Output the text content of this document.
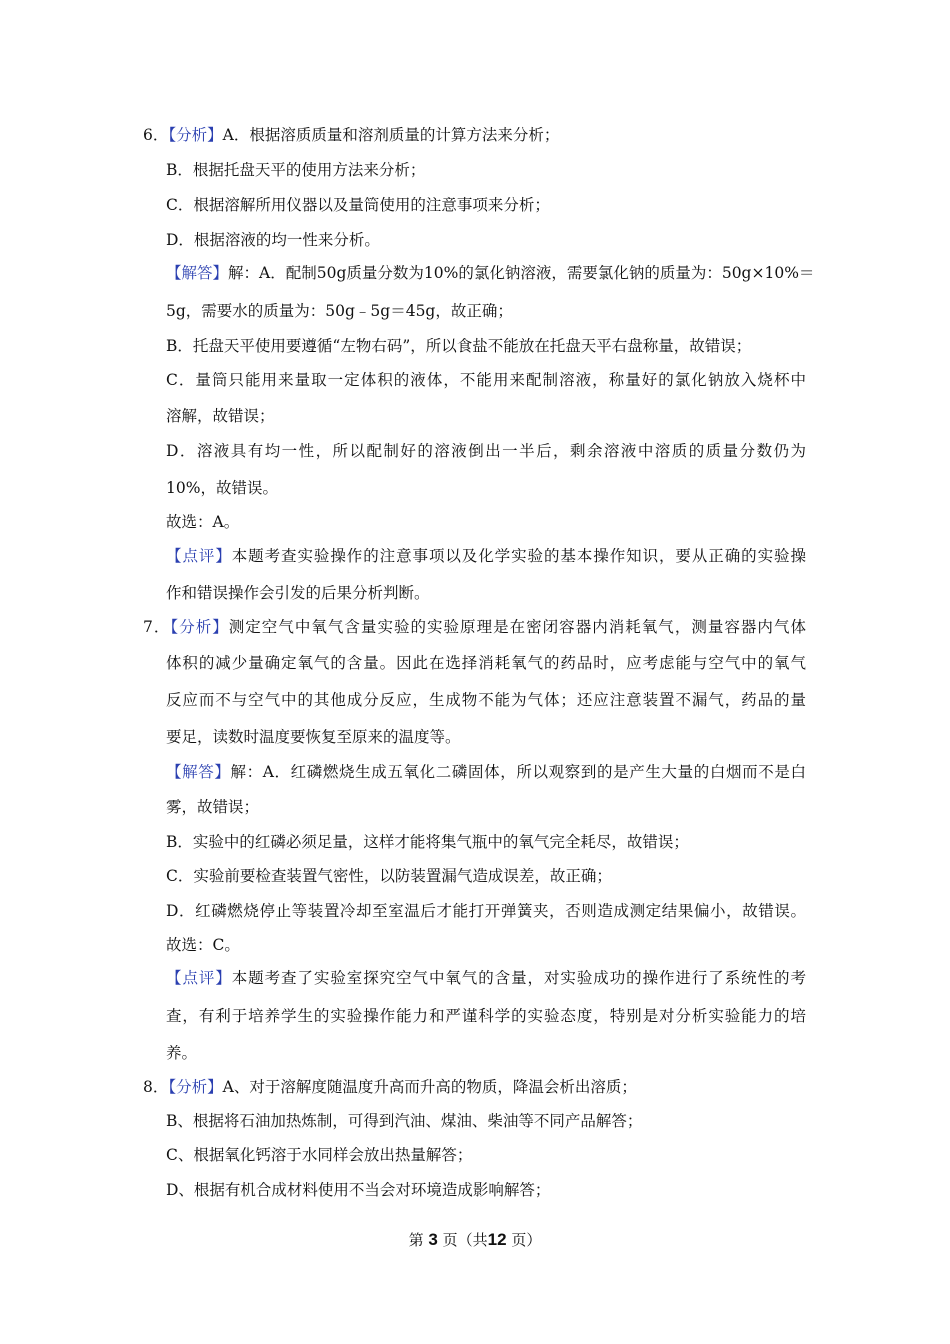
6．【分析】A．根据溶质质量和溶剂质量的计算方法来分析；

B．根据托盘天平的使用方法来分析；

C．根据溶解所用仪器以及量筒使用的注意事项来分析；

D．根据溶液的均一性来分析。

【解答】解：A．配制50g质量分数为10%的氯化钠溶液，需要氯化钠的质量为：50g×10%＝

5g，需要水的质量为：50g﹣5g＝45g，故正确；

B．托盘天平使用要遵循“左物右码”，所以食盐不能放在托盘天平右盘称量，故错误；

C．量筒只能用来量取一定体积的液体，不能用来配制溶液，称量好的氯化钠放入烧杯中

溶解，故错误；

D．溶液具有均一性，所以配制好的溶液倒出一半后，剩余溶液中溶质的质量分数仍为

10%，故错误。

故选：A。

【点评】本题考查实验操作的注意事项以及化学实验的基本操作知识，要从正确的实验操

作和错误操作会引发的后果分析判断。

7．【分析】测定空气中氧气含量实验的实验原理是在密闭容器内消耗氧气，测量容器内气体

体积的减少量确定氧气的含量。因此在选择消耗氧气的药品时，应考虑能与空气中的氧气

反应而不与空气中的其他成分反应，生成物不能为气体；还应注意装置不漏气，药品的量

要足，读数时温度要恢复至原来的温度等。

【解答】解：A．红磷燃烧生成五氧化二磷固体，所以观察到的是产生大量的白烟而不是白

雾，故错误；

B．实验中的红磷必须足量，这样才能将集气瓶中的氧气完全耗尽，故错误；

C．实验前要检查装置气密性，以防装置漏气造成误差，故正确；

D．红磷燃烧停止等装置冷却至室温后才能打开弹簧夹，否则造成测定结果偏小，故错误。

故选：C。

【点评】本题考查了实验室探究空气中氧气的含量，对实验成功的操作进行了系统性的考

查，有利于培养学生的实验操作能力和严谨科学的实验态度，特别是对分析实验能力的培

养。

8．【分析】A、对于溶解度随温度升高而升高的物质，降温会析出溶质；

B、根据将石油加热炼制，可得到汽油、煤油、柴油等不同产品解答；

C、根据氧化钙溶于水同样会放出热量解答；

D、根据有机合成材料使用不当会对环境造成影响解答；

第 3 页（共12 页）
